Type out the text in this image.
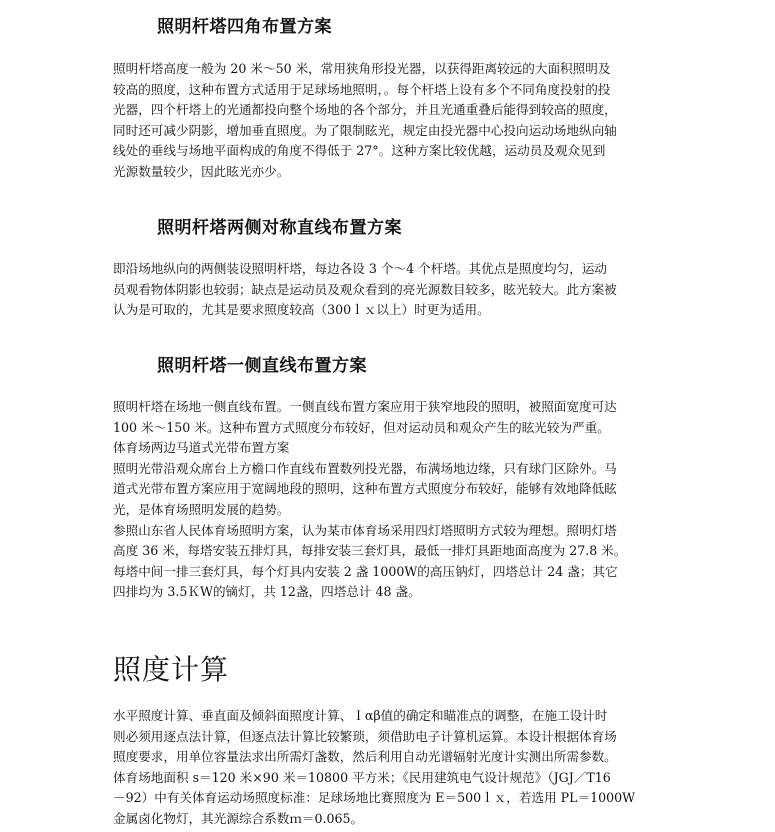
照明杆塔四角布置方案

照明杆塔高度一般为 20 米～50 米，常用狭角形投光器，以获得距离较远的大面积照明及
较高的照度，这种布置方式适用于足球场地照明，。每个杆塔上设有多个不同角度投射的投
光器，四个杆塔上的光通都投向整个场地的各个部分，并且光通重叠后能得到较高的照度，
同时还可减少阴影，增加垂直照度。为了限制眩光，规定由投光器中心投向运动场地纵向轴
线处的垂线与场地平面构成的角度不得低于 27°。这种方案比较优越，运动员及观众见到
光源数量较少，因此眩光亦少。

照明杆塔两侧对称直线布置方案

即沿场地纵向的两侧装设照明杆塔，每边各设 3 个～4 个杆塔。其优点是照度均匀，运动
员观看物体阴影也较弱；缺点是运动员及观众看到的亮光源数目较多，眩光较大。此方案被
认为是可取的，尤其是要求照度较高（300ｌｘ以上）时更为适用。

照明杆塔一侧直线布置方案

照明杆塔在场地一侧直线布置。一侧直线布置方案应用于狭窄地段的照明，被照面宽度可达
100 米～150 米。这种布置方式照度分布较好，但对运动员和观众产生的眩光较为严重。
体育场两边马道式光带布置方案
照明光带沿观众席台上方檐口作直线布置数列投光器，布满场地边缘，只有球门区除外。马
道式光带布置方案应用于宽阔地段的照明，这种布置方式照度分布较好，能够有效地降低眩
光，是体育场照明发展的趋势。
参照山东省人民体育场照明方案，认为某市体育场采用四灯塔照明方式较为理想。照明灯塔
高度 36 米，每塔安装五排灯具，每排安装三套灯具，最低一排灯具距地面高度为 27.8 米。
每塔中间一排三套灯具，每个灯具内安装 2 盏 1000W的高压钠灯，四塔总计 24 盏；其它
四排均为 3.5ＫW的镝灯，共 12盏，四塔总计 48 盏。

照度计算

水平照度计算、垂直面及倾斜面照度计算、Ｉαβ值的确定和瞄准点的调整，在施工设计时
则必须用逐点法计算，但逐点法计算比较繁琐，须借助电子计算机运算。本设计根据体育场
照度要求，用单位容量法求出所需灯盏数，然后利用自动光谱辐射光度计实测出所需参数。
体育场地面积 s＝120 米×90 米＝10800 平方米；《民用建筑电气设计规范》（JGJ／T16
－92）中有关体育运动场照度标准：足球场地比赛照度为 E＝500ｌｘ，若选用 PL＝1000W
金属卤化物灯，其光源综合系数ｍ＝0.065。
